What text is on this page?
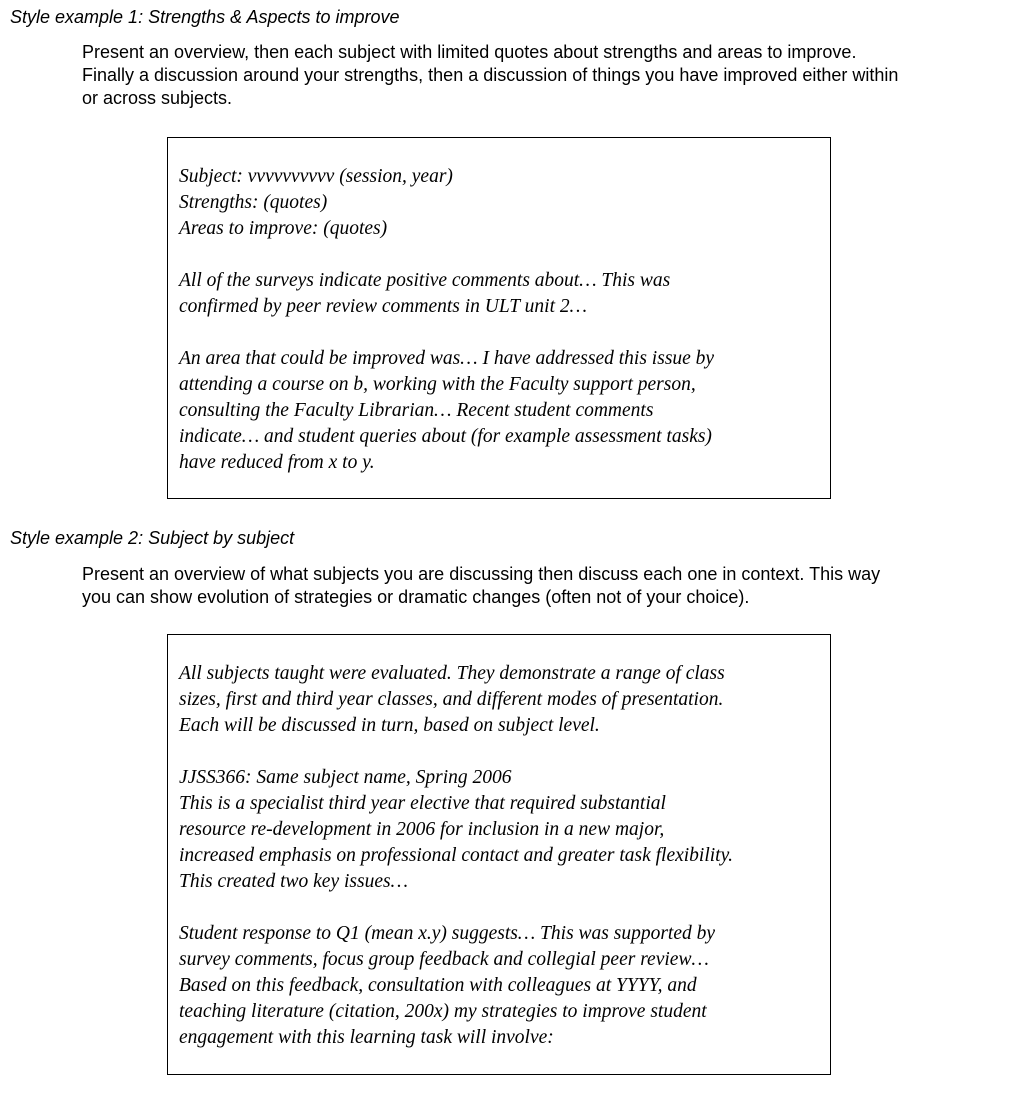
Style example 1: Strengths & Aspects to improve

Present an overview, then each subject with limited quotes about strengths and areas to improve.
Finally a discussion around your strengths, then a discussion of things you have improved either within
or across subjects.

Subject: vvvvvvvvvv (session, year)
Strengths: (quotes)
Areas to improve: (quotes)
All of the surveys indicate positive comments about… This was
confirmed by peer review comments in ULT unit 2…
An area that could be improved was… I have addressed this issue by
attending a course on b, working with the Faculty support person,
consulting the Faculty Librarian… Recent student comments
indicate… and student queries about (for example assessment tasks)
have reduced from x to y.
Style example 2: Subject by subject

Present an overview of what subjects you are discussing then discuss each one in context. This way
you can show evolution of strategies or dramatic changes (often not of your choice).

All subjects taught were evaluated. They demonstrate a range of class
sizes, first and third year classes, and different modes of presentation.
Each will be discussed in turn, based on subject level.
JJSS366: Same subject name, Spring 2006
This is a specialist third year elective that required substantial
resource re-development in 2006 for inclusion in a new major,
increased emphasis on professional contact and greater task flexibility.
This created two key issues…
Student response to Q1 (mean x.y) suggests… This was supported by
survey comments, focus group feedback and collegial peer review…
Based on this feedback, consultation with colleagues at YYYY, and
teaching literature (citation, 200x) my strategies to improve student
engagement with this learning task will involve:
